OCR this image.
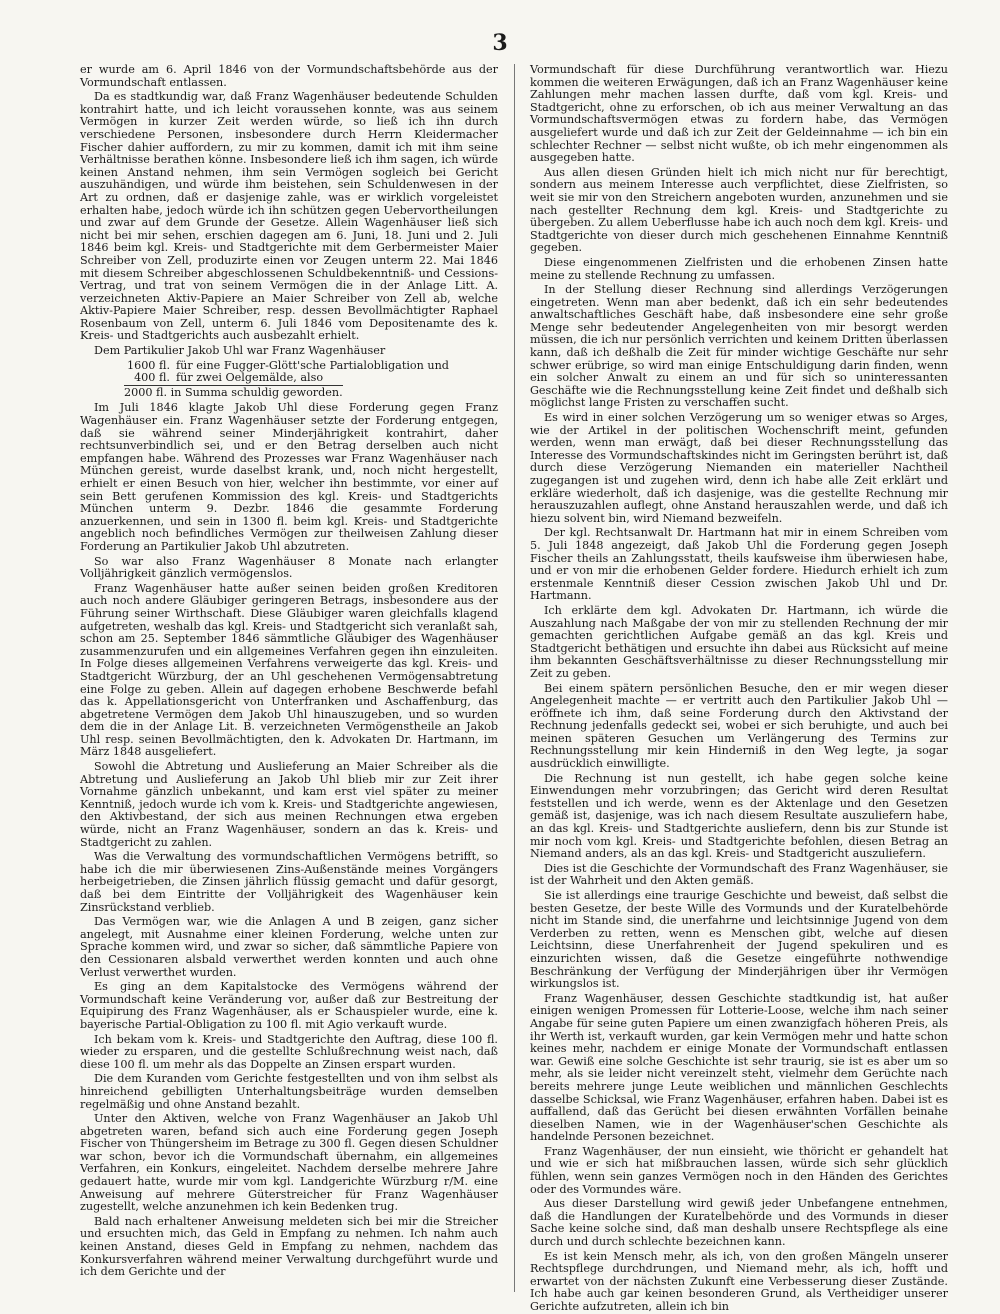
3

er wurde am 6. April 1846 von der Vormundschaftsbehörde aus der Vormundschaft entlassen.

Da es stadtkundig war, daß Franz Wagenhäuser bedeutende Schulden kontrahirt hatte, und ich leicht voraussehen konnte, was aus seinem Vermögen in kurzer Zeit werden würde, so ließ ich ihn durch verschiedene Personen, insbesondere durch Herrn Kleidermacher Fischer dahier auffordern, zu mir zu kommen, damit ich mit ihm seine Verhältnisse berathen könne. Insbesondere ließ ich ihm sagen, ich würde keinen Anstand nehmen, ihm sein Vermögen sogleich bei Gericht auszuhändigen, und würde ihm beistehen, sein Schuldenwesen in der Art zu ordnen, daß er dasjenige zahle, was er wirklich vorgeleistet erhalten habe, jedoch würde ich ihn schützen gegen Uebervortheilungen und zwar auf dem Grunde der Gesetze. Allein Wagenhäuser ließ sich nicht bei mir sehen, erschien dagegen am 6. Juni, 18. Juni und 2. Juli 1846 beim kgl. Kreis- und Stadtgerichte mit dem Gerbermeister Maier Schreiber von Zell, produzirte einen vor Zeugen unterm 22. Mai 1846 mit diesem Schreiber abgeschlossenen Schuldbekenntniß- und Cessions-Vertrag, und trat von seinem Vermögen die in der Anlage Litt. A. verzeichneten Aktiv-Papiere an Maier Schreiber von Zell ab, welche Aktiv-Papiere Maier Schreiber, resp. dessen Bevollmächtigter Raphael Rosenbaum von Zell, unterm 6. Juli 1846 vom Depositenamte des k. Kreis- und Stadtgerichts auch ausbezahlt erhielt.

Dem Partikulier Jakob Uhl war Franz Wagenhäuser

1600 fl. für eine Fugger-Glött'sche Partialobligation und
400 fl. für zwei Oelgemälde, also
2000 fl. in Summa schuldig geworden.

Im Juli 1846 klagte Jakob Uhl diese Forderung gegen Franz Wagenhäuser ein. Franz Wagenhäuser setzte der Forderung entgegen, daß sie während seiner Minderjährigkeit kontrahirt, daher rechtsunverbindlich sei, und er den Betrag derselben auch nicht empfangen habe. Während des Prozesses war Franz Wagenhäuser nach München gereist, wurde daselbst krank, und, noch nicht hergestellt, erhielt er einen Besuch von hier, welcher ihn bestimmte, vor einer auf sein Bett gerufenen Kommission des kgl. Kreis- und Stadtgerichts München unterm 9. Dezbr. 1846 die gesammte Forderung anzuerkennen, und sein in 1300 fl. beim kgl. Kreis- und Stadtgerichte angeblich noch befindliches Vermögen zur theilweisen Zahlung dieser Forderung an Partikulier Jakob Uhl abzutreten.

So war also Franz Wagenhäuser 8 Monate nach erlangter Volljährigkeit gänzlich vermögenslos.

Franz Wagenhäuser hatte außer seinen beiden großen Kreditoren auch noch andere Gläubiger geringeren Betrags, insbesondere aus der Führung seiner Wirthschaft. Diese Gläubiger waren gleichfalls klagend aufgetreten, weshalb das kgl. Kreis- und Stadtgericht sich veranlaßt sah, schon am 25. September 1846 sämmtliche Gläubiger des Wagenhäuser zusammenzurufen und ein allgemeines Verfahren gegen ihn einzuleiten. In Folge dieses allgemeinen Verfahrens verweigerte das kgl. Kreis- und Stadtgericht Würzburg, der an Uhl geschehenen Vermögensabtretung eine Folge zu geben. Allein auf dagegen erhobene Beschwerde befahl das k. Appellationsgericht von Unterfranken und Aschaffenburg, das abgetretene Vermögen dem Jakob Uhl hinauszugeben, und so wurden dem die in der Anlage Lit. B. verzeichneten Vermögenstheile an Jakob Uhl resp. seinen Bevollmächtigten, den k. Advokaten Dr. Hartmann, im März 1848 ausgeliefert.

Sowohl die Abtretung und Auslieferung an Maier Schreiber als die Abtretung und Auslieferung an Jakob Uhl blieb mir zur Zeit ihrer Vornahme gänzlich unbekannt, und kam erst viel später zu meiner Kenntniß, jedoch wurde ich vom k. Kreis- und Stadtgerichte angewiesen, den Aktivbestand, der sich aus meinen Rechnungen etwa ergeben würde, nicht an Franz Wagenhäuser, sondern an das k. Kreis- und Stadtgericht zu zahlen.

Was die Verwaltung des vormundschaftlichen Vermögens betrifft, so habe ich die mir überwiesenen Zins-Außenstände meines Vorgängers herbeigetrieben, die Zinsen jährlich flüssig gemacht und dafür gesorgt, daß bei dem Eintritte der Volljährigkeit des Wagenhäuser kein Zinsrückstand verblieb.

Das Vermögen war, wie die Anlagen A und B zeigen, ganz sicher angelegt, mit Ausnahme einer kleinen Forderung, welche unten zur Sprache kommen wird, und zwar so sicher, daß sämmtliche Papiere von den Cessionaren alsbald verwerthet werden konnten und auch ohne Verlust verwerthet wurden.

Es ging an dem Kapitalstocke des Vermögens während der Vormundschaft keine Veränderung vor, außer daß zur Bestreitung der Equipirung des Franz Wagenhäuser, als er Schauspieler wurde, eine k. bayerische Partial-Obligation zu 100 fl. mit Agio verkauft wurde.

Ich bekam vom k. Kreis- und Stadtgerichte den Auftrag, diese 100 fl. wieder zu ersparen, und die gestellte Schlußrechnung weist nach, daß diese 100 fl. um mehr als das Doppelte an Zinsen erspart wurden.

Die dem Kuranden vom Gerichte festgestellten und von ihm selbst als hinreichend gebilligten Unterhaltungsbeiträge wurden demselben regelmäßig und ohne Anstand bezahlt.

Unter den Aktiven, welche von Franz Wagenhäuser an Jakob Uhl abgetreten waren, befand sich auch eine Forderung gegen Joseph Fischer von Thüngersheim im Betrage zu 300 fl. Gegen diesen Schuldner war schon, bevor ich die Vormundschaft übernahm, ein allgemeines Verfahren, ein Konkurs, eingeleitet. Nachdem derselbe mehrere Jahre gedauert hatte, wurde mir vom kgl. Landgerichte Würzburg r/M. eine Anweisung auf mehrere Güterstreicher für Franz Wagenhäuser zugestellt, welche anzunehmen ich kein Bedenken trug.

Bald nach erhaltener Anweisung meldeten sich bei mir die Streicher und ersuchten mich, das Geld in Empfang zu nehmen. Ich nahm auch keinen Anstand, dieses Geld in Empfang zu nehmen, nachdem das Konkursverfahren während meiner Verwaltung durchgeführt wurde und ich dem Gerichte und der

Vormundschaft für diese Durchführung verantwortlich war. Hiezu kommen die weiteren Erwägungen, daß ich an Franz Wagenhäuser keine Zahlungen mehr machen lassen durfte, daß vom kgl. Kreis- und Stadtgericht, ohne zu erforschen, ob ich aus meiner Verwaltung an das Vormundschaftsvermögen etwas zu fordern habe, das Vermögen ausgeliefert wurde und daß ich zur Zeit der Geldeinnahme — ich bin ein schlechter Rechner — selbst nicht wußte, ob ich mehr eingenommen als ausgegeben hatte.

Aus allen diesen Gründen hielt ich mich nicht nur für berechtigt, sondern aus meinem Interesse auch verpflichtet, diese Zielfristen, so weit sie mir von den Streichern angeboten wurden, anzunehmen und sie nach gestellter Rechnung dem kgl. Kreis- und Stadtgerichte zu übergeben. Zu allem Ueberflusse habe ich auch noch dem kgl. Kreis- und Stadtgerichte von dieser durch mich geschehenen Einnahme Kenntniß gegeben.

Diese eingenommenen Zielfristen und die erhobenen Zinsen hatte meine zu stellende Rechnung zu umfassen.

In der Stellung dieser Rechnung sind allerdings Verzögerungen eingetreten. Wenn man aber bedenkt, daß ich ein sehr bedeutendes anwaltschaftliches Geschäft habe, daß insbesondere eine sehr große Menge sehr bedeutender Angelegenheiten von mir besorgt werden müssen, die ich nur persönlich verrichten und keinem Dritten überlassen kann, daß ich deßhalb die Zeit für minder wichtige Geschäfte nur sehr schwer erübrige, so wird man einige Entschuldigung darin finden, wenn ein solcher Anwalt zu einem an und für sich so uninteressanten Geschäfte wie die Rechnungsstellung keine Zeit findet und deßhalb sich möglichst lange Fristen zu verschaffen sucht.

Es wird in einer solchen Verzögerung um so weniger etwas so Arges, wie der Artikel in der politischen Wochenschrift meint, gefunden werden, wenn man erwägt, daß bei dieser Rechnungsstellung das Interesse des Vormundschaftskindes nicht im Geringsten berührt ist, daß durch diese Verzögerung Niemanden ein materieller Nachtheil zugegangen ist und zugehen wird, denn ich habe alle Zeit erklärt und erkläre wiederholt, daß ich dasjenige, was die gestellte Rechnung mir herauszuzahlen auflegt, ohne Anstand herauszahlen werde, und daß ich hiezu solvent bin, wird Niemand bezweifeln.

Der kgl. Rechtsanwalt Dr. Hartmann hat mir in einem Schreiben vom 5. Juli 1848 angezeigt, daß Jakob Uhl die Forderung gegen Joseph Fischer theils an Zahlungsstatt, theils kaufsweise ihm überwiesen habe, und er von mir die erhobenen Gelder fordere. Hiedurch erhielt ich zum erstenmale Kenntniß dieser Cession zwischen Jakob Uhl und Dr. Hartmann.

Ich erklärte dem kgl. Advokaten Dr. Hartmann, ich würde die Auszahlung nach Maßgabe der von mir zu stellenden Rechnung der mir gemachten gerichtlichen Aufgabe gemäß an das kgl. Kreis und Stadtgericht bethätigen und ersuchte ihn dabei aus Rücksicht auf meine ihm bekannten Geschäftsverhältnisse zu dieser Rechnungsstellung mir Zeit zu geben.

Bei einem spätern persönlichen Besuche, den er mir wegen dieser Angelegenheit machte — er vertritt auch den Partikulier Jakob Uhl — eröffnete ich ihm, daß seine Forderung durch den Aktivstand der Rechnung jedenfalls gedeckt sei, wobei er sich beruhigte, und auch bei meinen späteren Gesuchen um Verlängerung des Termins zur Rechnungsstellung mir kein Hinderniß in den Weg legte, ja sogar ausdrücklich einwilligte.

Die Rechnung ist nun gestellt, ich habe gegen solche keine Einwendungen mehr vorzubringen; das Gericht wird deren Resultat feststellen und ich werde, wenn es der Aktenlage und den Gesetzen gemäß ist, dasjenige, was ich nach diesem Resultate auszuliefern habe, an das kgl. Kreis- und Stadtgerichte ausliefern, denn bis zur Stunde ist mir noch vom kgl. Kreis- und Stadtgerichte befohlen, diesen Betrag an Niemand anders, als an das kgl. Kreis- und Stadtgericht auszuliefern.

Dies ist die Geschichte der Vormundschaft des Franz Wagenhäuser, sie ist der Wahrheit und den Akten gemäß.

Sie ist allerdings eine traurige Geschichte und beweist, daß selbst die besten Gesetze, der beste Wille des Vormunds und der Kuratelbehörde nicht im Stande sind, die unerfahrne und leichtsinnige Jugend von dem Verderben zu retten, wenn es Menschen gibt, welche auf diesen Leichtsinn, diese Unerfahrenheit der Jugend spekuliren und es einzurichten wissen, daß die Gesetze eingeführte nothwendige Beschränkung der Verfügung der Minderjährigen über ihr Vermögen wirkungslos ist.

Franz Wagenhäuser, dessen Geschichte stadtkundig ist, hat außer einigen wenigen Promessen für Lotterie-Loose, welche ihm nach seiner Angabe für seine guten Papiere um einen zwanzigfach höheren Preis, als ihr Werth ist, verkauft wurden, gar kein Vermögen mehr und hatte schon keines mehr, nachdem er einige Monate der Vormundschaft entlassen war. Gewiß eine solche Geschichte ist sehr traurig, sie ist es aber um so mehr, als sie leider nicht vereinzelt steht, vielmehr dem Gerüchte nach bereits mehrere junge Leute weiblichen und männlichen Geschlechts dasselbe Schicksal, wie Franz Wagenhäuser, erfahren haben. Dabei ist es auffallend, daß das Gerücht bei diesen erwähnten Vorfällen beinahe dieselben Namen, wie in der Wagenhäuser'schen Geschichte als handelnde Personen bezeichnet.

Franz Wagenhäuser, der nun einsieht, wie thöricht er gehandelt hat und wie er sich hat mißbrauchen lassen, würde sich sehr glücklich fühlen, wenn sein ganzes Vermögen noch in den Händen des Gerichtes oder des Vormundes wäre.

Aus dieser Darstellung wird gewiß jeder Unbefangene entnehmen, daß die Handlungen der Kuratelbehörde und des Vormunds in dieser Sache keine solche sind, daß man deshalb unsere Rechtspflege als eine durch und durch schlechte bezeichnen kann.

Es ist kein Mensch mehr, als ich, von den großen Mängeln unserer Rechtspflege durchdrungen, und Niemand mehr, als ich, hofft und erwartet von der nächsten Zukunft eine Verbesserung dieser Zustände. Ich habe auch gar keinen besonderen Grund, als Vertheidiger unserer Gerichte aufzutreten, allein ich bin
